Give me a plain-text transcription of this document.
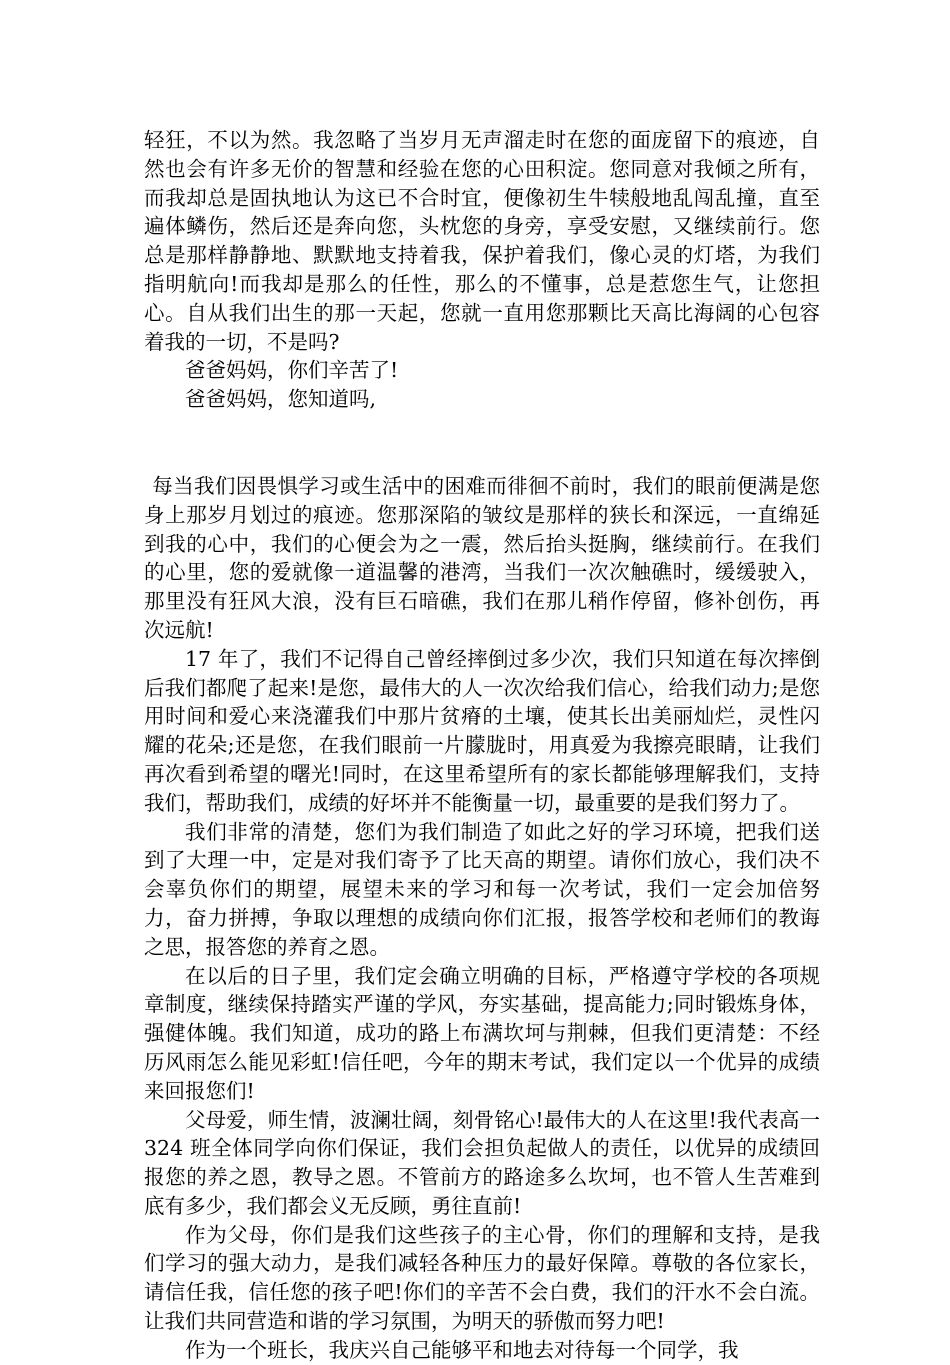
轻狂，不以为然。我忽略了当岁月无声溜走时在您的面庞留下的痕迹，自然也会有许多无价的智慧和经验在您的心田积淀。您同意对我倾之所有，而我却总是固执地认为这已不合时宜，便像初生牛犊般地乱闯乱撞，直至遍体鳞伤，然后还是奔向您，头枕您的身旁，享受安慰，又继续前行。您总是那样静静地、默默地支持着我，保护着我们，像心灵的灯塔，为我们指明航向!而我却是那么的任性，那么的不懂事，总是惹您生气，让您担心。自从我们出生的那一天起，您就一直用您那颗比天高比海阔的心包容着我的一切，不是吗?

爸爸妈妈，你们辛苦了!

爸爸妈妈，您知道吗,

每当我们因畏惧学习或生活中的困难而徘徊不前时，我们的眼前便满是您身上那岁月划过的痕迹。您那深陷的皱纹是那样的狭长和深远，一直绵延到我的心中，我们的心便会为之一震，然后抬头挺胸，继续前行。在我们的心里，您的爱就像一道温馨的港湾，当我们一次次触礁时，缓缓驶入，那里没有狂风大浪，没有巨石暗礁，我们在那儿稍作停留，修补创伤，再次远航!

17 年了，我们不记得自己曾经摔倒过多少次，我们只知道在每次摔倒后我们都爬了起来!是您，最伟大的人一次次给我们信心，给我们动力;是您用时间和爱心来浇灌我们中那片贫瘠的土壤，使其长出美丽灿烂，灵性闪耀的花朵;还是您，在我们眼前一片朦胧时，用真爱为我擦亮眼睛，让我们再次看到希望的曙光!同时，在这里希望所有的家长都能够理解我们，支持我们，帮助我们，成绩的好坏并不能衡量一切，最重要的是我们努力了。

我们非常的清楚，您们为我们制造了如此之好的学习环境，把我们送到了大理一中，定是对我们寄予了比天高的期望。请你们放心，我们决不会辜负你们的期望，展望未来的学习和每一次考试，我们一定会加倍努力，奋力拼搏，争取以理想的成绩向你们汇报，报答学校和老师们的教诲之思，报答您的养育之恩。

在以后的日子里，我们定会确立明确的目标，严格遵守学校的各项规章制度，继续保持踏实严谨的学风，夯实基础，提高能力;同时锻炼身体，强健体魄。我们知道，成功的路上布满坎坷与荆棘，但我们更清楚：不经历风雨怎么能见彩虹!信任吧，今年的期末考试，我们定以一个优异的成绩来回报您们!

父母爱，师生情，波澜壮阔，刻骨铭心!最伟大的人在这里!我代表高一 324 班全体同学向你们保证，我们会担负起做人的责任，以优异的成绩回报您的养之恩，教导之恩。不管前方的路途多么坎坷，也不管人生苦难到底有多少，我们都会义无反顾，勇往直前!

作为父母，你们是我们这些孩子的主心骨，你们的理解和支持，是我们学习的强大动力，是我们减轻各种压力的最好保障。尊敬的各位家长，请信任我，信任您的孩子吧!你们的辛苦不会白费，我们的汗水不会白流。让我们共同营造和谐的学习氛围，为明天的骄傲而努力吧!

作为一个班长，我庆兴自己能够平和地去对待每一个同学，我
